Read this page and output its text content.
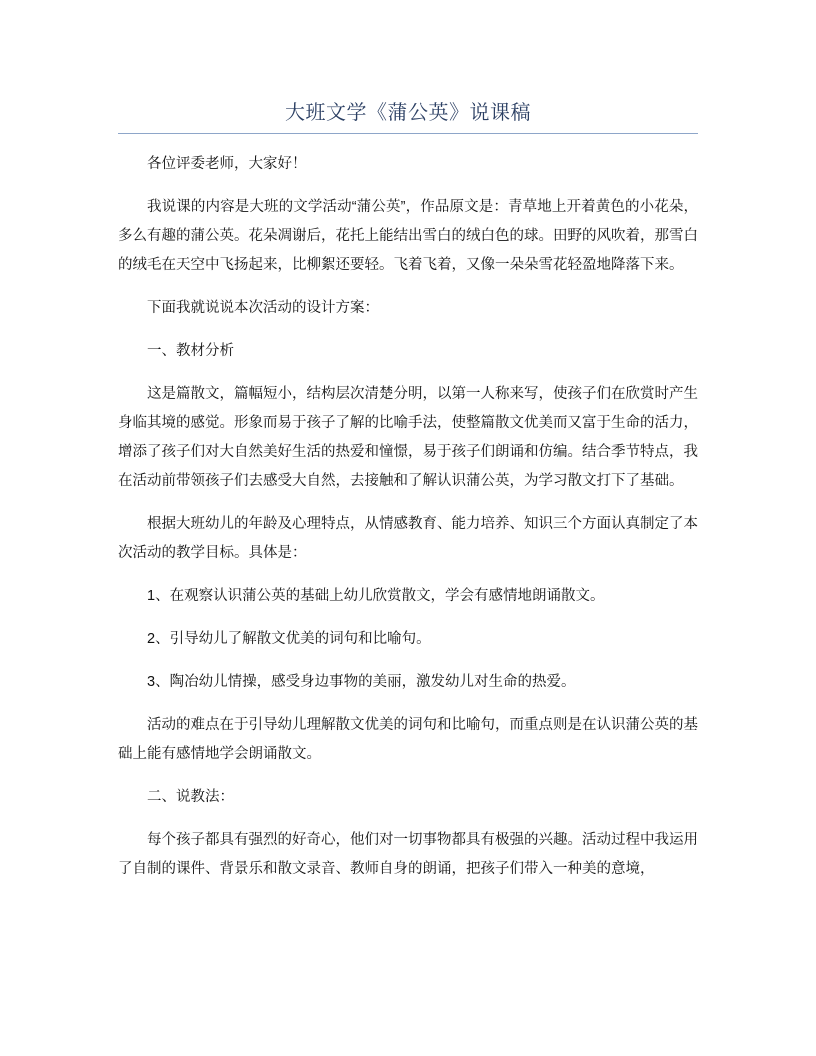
大班文学《蒲公英》说课稿

各位评委老师，大家好！

我说课的内容是大班的文学活动“蒲公英”，作品原文是：青草地上开着黄色的小花朵，多么有趣的蒲公英。花朵凋谢后，花托上能结出雪白的绒白色的球。田野的风吹着，那雪白的绒毛在天空中飞扬起来，比柳絮还要轻。飞着飞着，又像一朵朵雪花轻盈地降落下来。

下面我就说说本次活动的设计方案：

一、教材分析

这是篇散文，篇幅短小，结构层次清楚分明，以第一人称来写，使孩子们在欣赏时产生身临其境的感觉。形象而易于孩子了解的比喻手法，使整篇散文优美而又富于生命的活力，增添了孩子们对大自然美好生活的热爱和憧憬，易于孩子们朗诵和仿编。结合季节特点，我在活动前带领孩子们去感受大自然，去接触和了解认识蒲公英，为学习散文打下了基础。

根据大班幼儿的年龄及心理特点，从情感教育、能力培养、知识三个方面认真制定了本次活动的教学目标。具体是：

1、在观察认识蒲公英的基础上幼儿欣赏散文，学会有感情地朗诵散文。

2、引导幼儿了解散文优美的词句和比喻句。

3、陶冶幼儿情操，感受身边事物的美丽，激发幼儿对生命的热爱。

活动的难点在于引导幼儿理解散文优美的词句和比喻句，而重点则是在认识蒲公英的基础上能有感情地学会朗诵散文。

二、说教法：

每个孩子都具有强烈的好奇心，他们对一切事物都具有极强的兴趣。活动过程中我运用了自制的课件、背景乐和散文录音、教师自身的朗诵，把孩子们带入一种美的意境，
